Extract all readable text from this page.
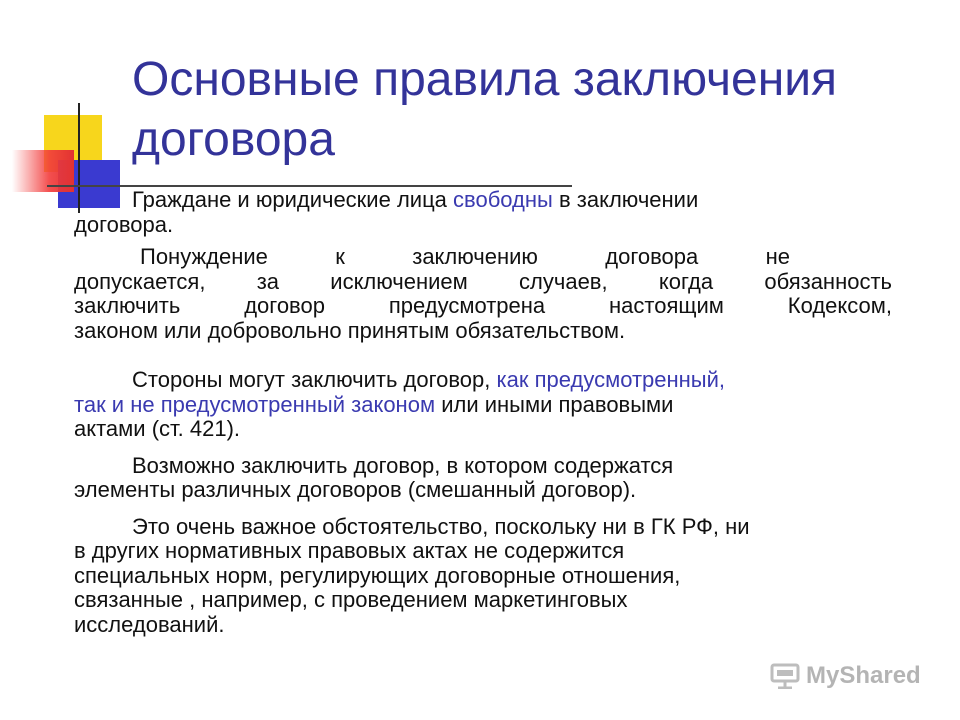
Основные правила заключения
договора

Граждане и юридические лица свободны в заключении
договора.

Понуждение к заключению договора не
допускается, за исключением случаев, когда обязанность
заключить договор предусмотрена настоящим Кодексом,
законом или добровольно принятым обязательством.

Стороны могут заключить договор, как предусмотренный,
так и не предусмотренный законом или иными правовыми
актами (ст. 421).

Возможно заключить договор, в котором содержатся
элементы различных договоров (смешанный договор).
Это очень важное обстоятельство, поскольку ни в ГК РФ, ни
в других нормативных правовых актах не содержится
специальных норм, регулирующих договорные отношения,
связанные , например, с проведением маркетинговых
исследований.
MyShared
